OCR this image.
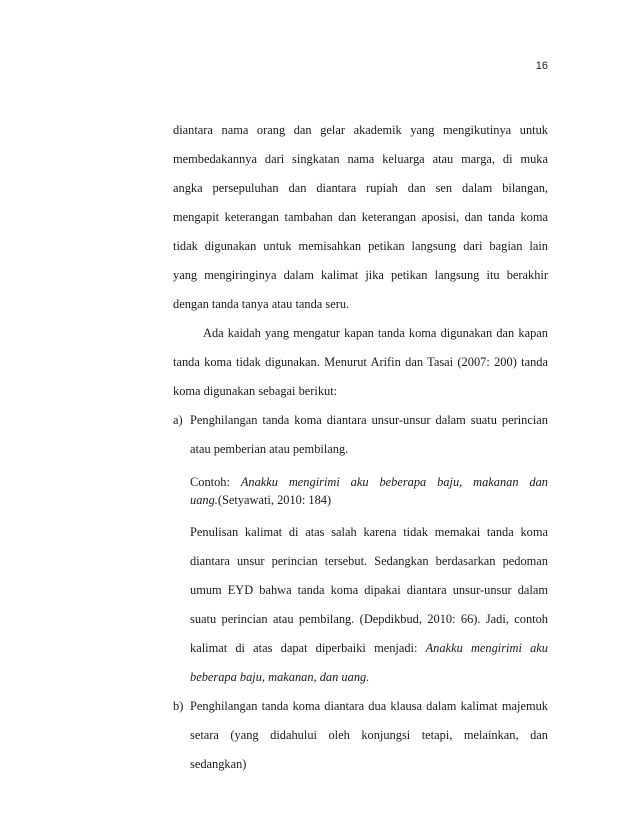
16

diantara nama orang dan gelar akademik yang mengikutinya untuk

membedakannya dari singkatan nama keluarga atau marga, di muka

angka persepuluhan dan diantara rupiah dan sen dalam bilangan,

mengapit keterangan tambahan dan keterangan aposisi, dan tanda koma

tidak digunakan untuk memisahkan petikan langsung dari bagian lain

yang mengiringinya dalam kalimat jika petikan langsung itu berakhir

dengan tanda tanya atau tanda seru.

Ada kaidah yang mengatur kapan tanda koma digunakan dan kapan

tanda koma tidak digunakan. Menurut Arifin dan Tasai (2007: 200) tanda

koma digunakan sebagai berikut:

a) Penghilangan tanda koma diantara unsur-unsur dalam suatu perincian

atau pemberian atau pembilang.

Contoh: Anakku mengirimi aku beberapa baju, makanan dan

uang.(Setyawati, 2010: 184)

Penulisan kalimat di atas salah karena tidak memakai tanda koma

diantara unsur perincian tersebut. Sedangkan berdasarkan pedoman

umum EYD bahwa tanda koma dipakai diantara unsur-unsur dalam

suatu perincian atau pembilang. (Depdikbud, 2010: 66). Jadi, contoh

kalimat di atas dapat diperbaiki menjadi: Anakku mengirimi aku

beberapa baju, makanan, dan uang.

b) Penghilangan tanda koma diantara dua klausa dalam kalimat majemuk

setara (yang didahului oleh konjungsi tetapi, melainkan, dan

sedangkan)
